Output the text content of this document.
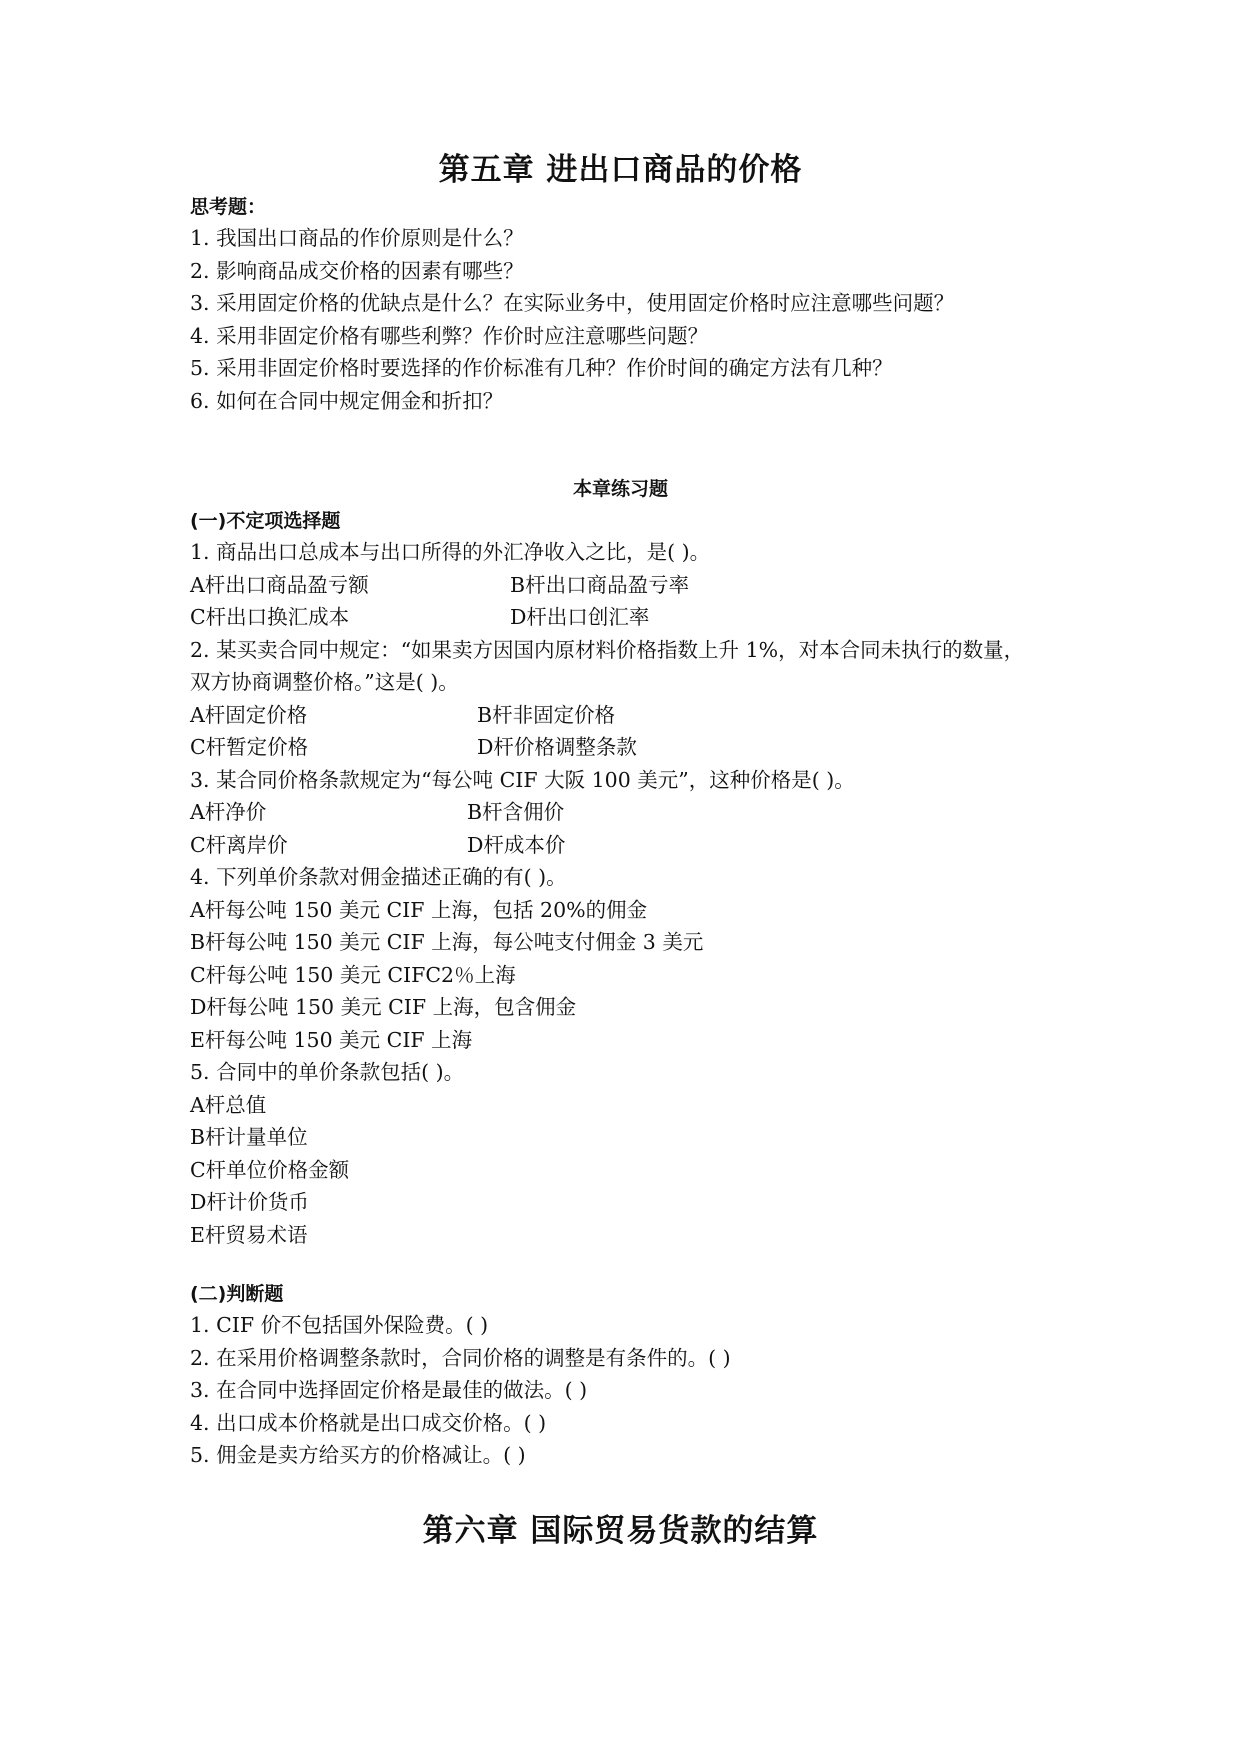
第五章 进出口商品的价格
思考题：
1. 我国出口商品的作价原则是什么？
2. 影响商品成交价格的因素有哪些？
3. 采用固定价格的优缺点是什么？在实际业务中，使用固定价格时应注意哪些问题？
4. 采用非固定价格有哪些利弊？作价时应注意哪些问题？
5. 采用非固定价格时要选择的作价标准有几种？作价时间的确定方法有几种？
6. 如何在合同中规定佣金和折扣？
本章练习题
(一)不定项选择题
1. 商品出口总成本与出口所得的外汇净收入之比，是( )。
A杆出口商品盈亏额	B杆出口商品盈亏率
C杆出口换汇成本	D杆出口创汇率
2. 某买卖合同中规定：“如果卖方因国内原材料价格指数上升 1%，对本合同未执行的数量，
双方协商调整价格。”这是( )。
A杆固定价格	B杆非固定价格
C杆暂定价格	D杆价格调整条款
3. 某合同价格条款规定为“每公吨 CIF 大阪 100 美元”，这种价格是( )。
A杆净价	B杆含佣价
C杆离岸价	D杆成本价
4. 下列单价条款对佣金描述正确的有( )。
A杆每公吨 150 美元 CIF 上海，包括 20%的佣金
B杆每公吨 150 美元 CIF 上海，每公吨支付佣金 3 美元
C杆每公吨 150 美元 CIFC2％上海
D杆每公吨 150 美元 CIF 上海，包含佣金
E杆每公吨 150 美元 CIF 上海
5. 合同中的单价条款包括( )。
A杆总值
B杆计量单位
C杆单位价格金额
D杆计价货币
E杆贸易术语
(二)判断题
1. CIF 价不包括国外保险费。( )
2. 在采用价格调整条款时，合同价格的调整是有条件的。( )
3. 在合同中选择固定价格是最佳的做法。( )
4. 出口成本价格就是出口成交价格。( )
5. 佣金是卖方给买方的价格减让。( )
第六章 国际贸易货款的结算
